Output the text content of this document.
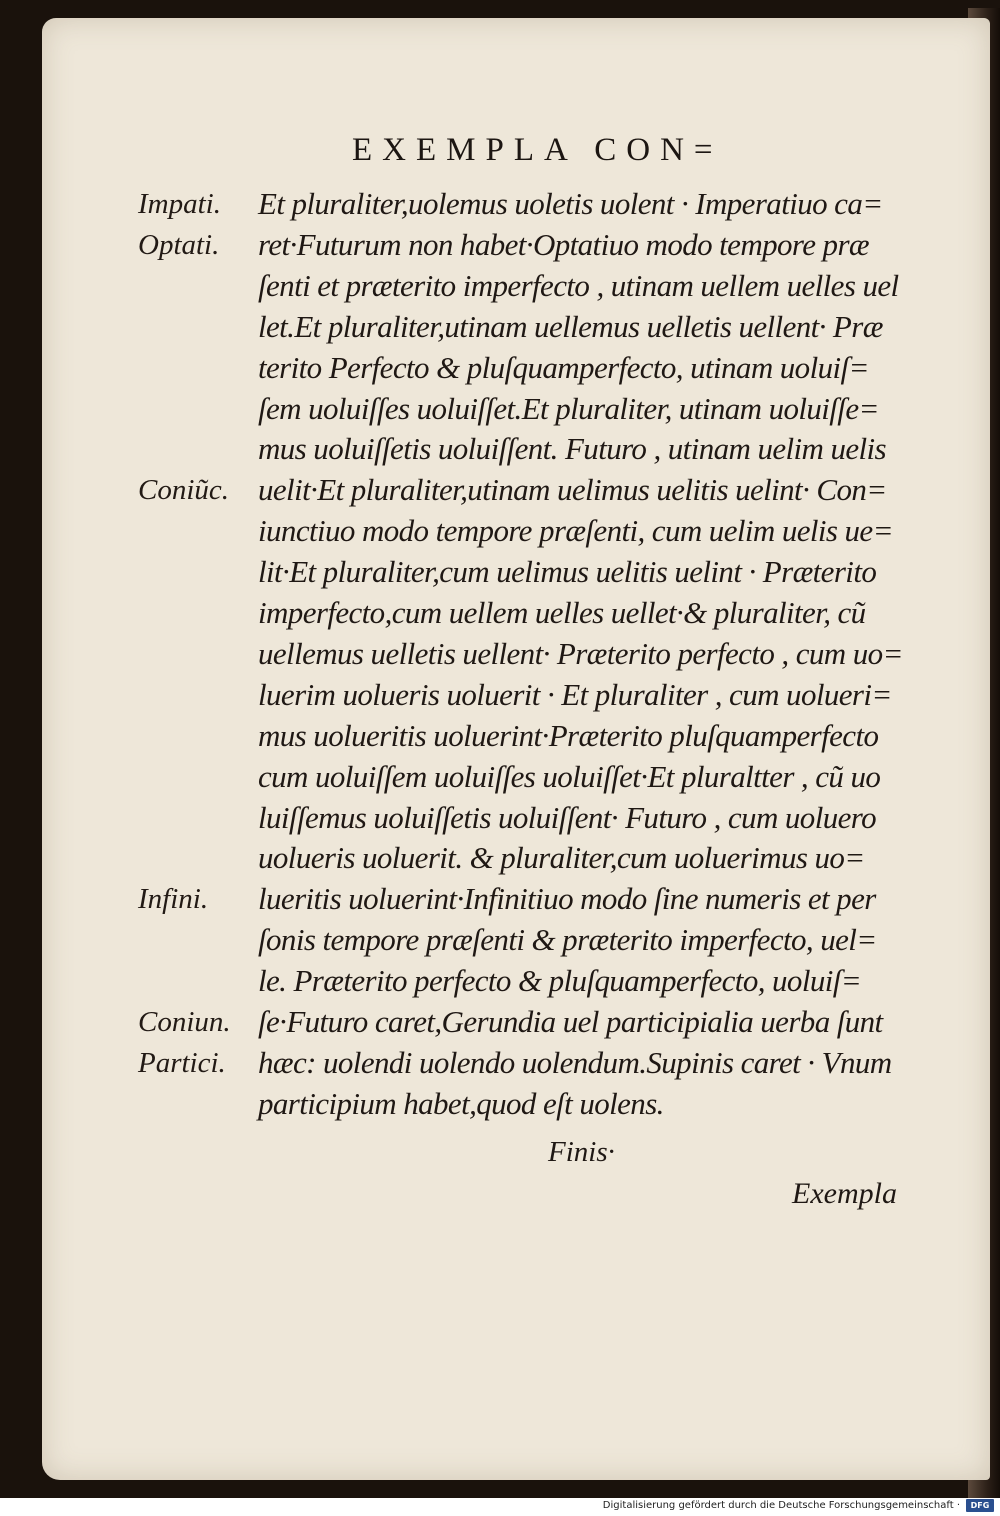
EXEMPLA CON=
Et pluraliter,uolemus uoletis uolent · Imperatiuo ca=
ret·Futurum non habet·Optatiuo modo tempore præ
ſenti et præterito imperfecto , utinam uellem uelles uel
let.Et pluraliter,utinam uellemus uelletis uellent· Præ
terito Perfecto & pluſquamperfecto, utinam uoluiſ=
ſem uoluiſſes uoluiſſet.Et pluraliter, utinam uoluiſſe=
mus uoluiſſetis uoluiſſent. Futuro , utinam uelim uelis
uelit·Et pluraliter,utinam uelimus uelitis uelint· Con=
iunctiuo modo tempore præſenti, cum uelim uelis ue=
lit·Et pluraliter,cum uelimus uelitis uelint · Præterito
imperfecto,cum uellem uelles uellet·& pluraliter, cũ
uellemus uelletis uellent· Præterito perfecto , cum uo=
luerim uolueris uoluerit · Et pluraliter , cum uolueri=
mus uolueritis uoluerint·Præterito pluſquamperfecto
cum uoluiſſem uoluiſſes uoluiſſet·Et pluraltter , cũ uo
luiſſemus uoluiſſetis uoluiſſent· Futuro , cum uoluero
uolueris uoluerit. & pluraliter,cum uoluerimus uo=
lueritis uoluerint·Infinitiuo modo ſine numeris et per
ſonis tempore præſenti & præterito imperfecto, uel=
le. Præterito perfecto & pluſquamperfecto, uoluiſ=
ſe·Futuro caret,Gerundia uel participialia uerba ſunt
hæc: uolendi uolendo uolendum.Supinis caret · Vnum
participium habet,quod eſt uolens.
Impati.
Optati.
Coniũc.
Infini.
Coniun.
Partici.
Finis·
Exempla
Digitalisierung gefördert durch die Deutsche Forschungsgemeinschaft ·	DFG
